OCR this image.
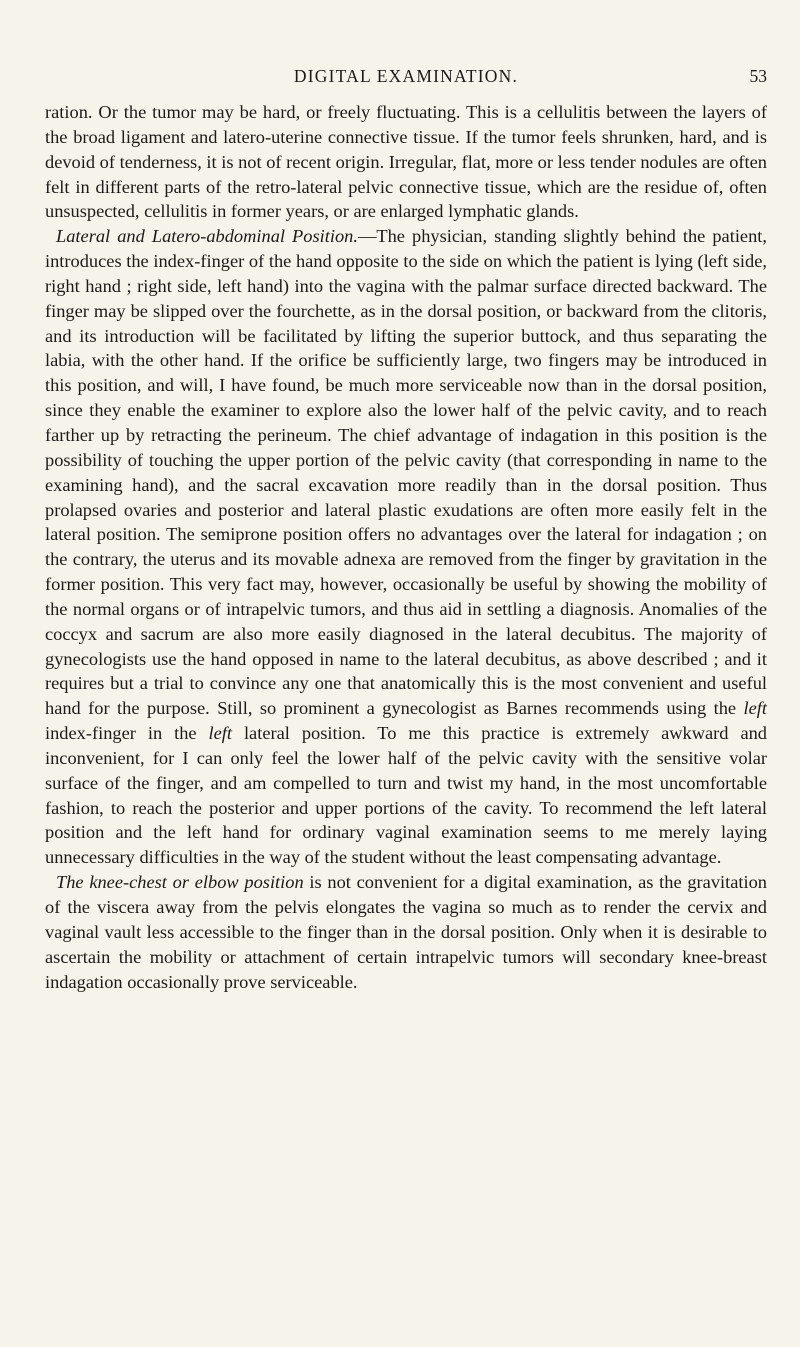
DIGITAL EXAMINATION.	53

ration. Or the tumor may be hard, or freely fluctuating. This is a cellulitis between the layers of the broad ligament and latero-uterine connective tissue. If the tumor feels shrunken, hard, and is devoid of tenderness, it is not of recent origin. Irregular, flat, more or less tender nodules are often felt in different parts of the retro-lateral pelvic connective tissue, which are the residue of, often unsuspected, cellulitis in former years, or are enlarged lymphatic glands.

Lateral and Latero-abdominal Position.—The physician, standing slightly behind the patient, introduces the index-finger of the hand opposite to the side on which the patient is lying (left side, right hand ; right side, left hand) into the vagina with the palmar surface directed backward. The finger may be slipped over the fourchette, as in the dorsal position, or backward from the clitoris, and its introduction will be facilitated by lifting the superior buttock, and thus separating the labia, with the other hand. If the orifice be sufficiently large, two fingers may be introduced in this position, and will, I have found, be much more serviceable now than in the dorsal position, since they enable the examiner to explore also the lower half of the pelvic cavity, and to reach farther up by retracting the perineum. The chief advantage of indagation in this position is the possibility of touching the upper portion of the pelvic cavity (that corresponding in name to the examining hand), and the sacral excavation more readily than in the dorsal position. Thus prolapsed ovaries and posterior and lateral plastic exudations are often more easily felt in the lateral position. The semiprone position offers no advantages over the lateral for indagation ; on the contrary, the uterus and its movable adnexa are removed from the finger by gravitation in the former position. This very fact may, however, occasionally be useful by showing the mobility of the normal organs or of intrapelvic tumors, and thus aid in settling a diagnosis. Anomalies of the coccyx and sacrum are also more easily diagnosed in the lateral decubitus. The majority of gynecologists use the hand opposed in name to the lateral decubitus, as above described ; and it requires but a trial to convince any one that anatomically this is the most convenient and useful hand for the purpose. Still, so prominent a gynecologist as Barnes recommends using the left index-finger in the left lateral position. To me this practice is extremely awkward and inconvenient, for I can only feel the lower half of the pelvic cavity with the sensitive volar surface of the finger, and am compelled to turn and twist my hand, in the most uncomfortable fashion, to reach the posterior and upper portions of the cavity. To recommend the left lateral position and the left hand for ordinary vaginal examination seems to me merely laying unnecessary difficulties in the way of the student without the least compensating advantage.

The knee-chest or elbow position is not convenient for a digital examination, as the gravitation of the viscera away from the pelvis elongates the vagina so much as to render the cervix and vaginal vault less accessible to the finger than in the dorsal position. Only when it is desirable to ascertain the mobility or attachment of certain intrapelvic tumors will secondary knee-breast indagation occasionally prove serviceable.
